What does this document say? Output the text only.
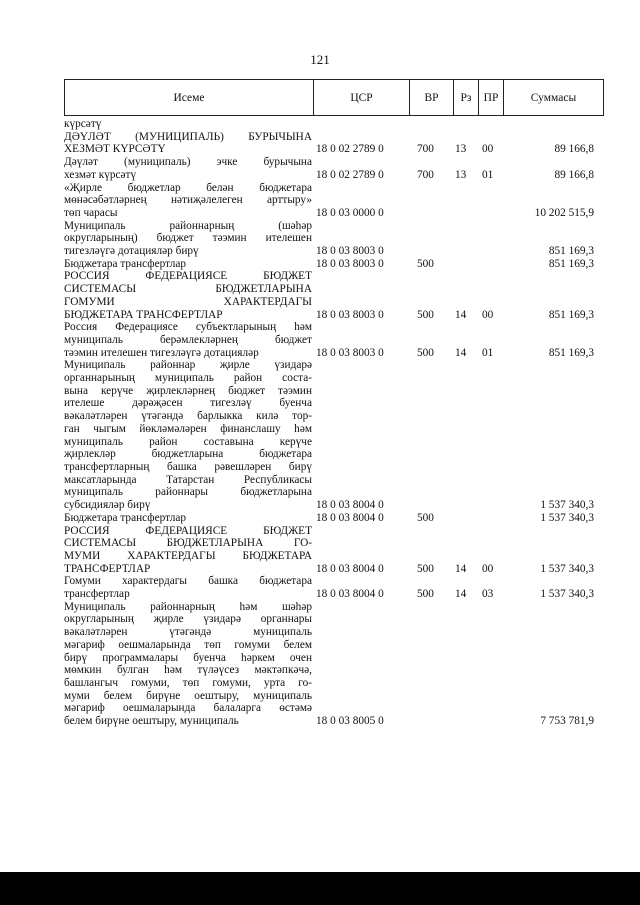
121
Исеме	ЦСР	ВР	Рз	ПР	Суммасы
күрсәтү
ДӘҮЛӘТ (МУНИЦИПАЛЬ) БУРЫЧЫНА
ХЕЗМӘТ КҮРСӘТҮ	18 0 02 2789 0	700 13 00	89 166,8
Дәүләт (муниципаль) эчке бурычына
хезмәт күрсәтү	18 0 02 2789 0	700 13 01	89 166,8
«Җирле бюджетлар белән бюджетара
мөнәсәбәтләрнең нәтиҗәлелеген арттыру»
төп чарасы	18 0 03 0000 0	10 202 515,9
Муниципаль районнарның (шәһәр
округларының) бюджет тәэмин ителешен
тигезләүгә дотацияләр бирү	18 0 03 8003 0	851 169,3
Бюджетара трансфертлар	18 0 03 8003 0	500	851 169,3
РОССИЯ ФЕДЕРАЦИЯСЕ БЮДЖЕТ
СИСТЕМАСЫ БЮДЖЕТЛАРЫНА
ГОМУМИ ХАРАКТЕРДАГЫ
БЮДЖЕТАРА ТРАНСФЕРТЛАР	18 0 03 8003 0	500 14 00	851 169,3
Россия Федерациясе субъектларының һәм
муниципаль берәмлекләрнең бюджет
тәэмин ителешен тигезләүгә дотацияләр	18 0 03 8003 0	500 14 01	851 169,3
Муниципаль районнар җирле үзидарә
органнарының муниципаль район соста-
вына керүче җирлекләрнең бюджет тәэмин
ителеше дәрәҗәсен тигезләү буенча
вәкаләтләрен үтәгәндә барлыкка килә тор-
ган чыгым йөкләмәләрен финанслашу һәм
муниципаль район составына керүче
җирлекләр бюджетларына бюджетара
трансфертларның башка рәвешләрен бирү
максатларында Татарстан Республикасы
муниципаль районнары бюджетларына
субсидияләр бирү	18 0 03 8004 0	1 537 340,3
Бюджетара трансфертлар	18 0 03 8004 0	500	1 537 340,3
РОССИЯ ФЕДЕРАЦИЯСЕ БЮДЖЕТ
СИСТЕМАСЫ БЮДЖЕТЛАРЫНА ГО-
МУМИ ХАРАКТЕРДАГЫ БЮДЖЕТАРА
ТРАНСФЕРТЛАР	18 0 03 8004 0	500 14 00	1 537 340,3
Гомуми характердагы башка бюджетара
трансфертлар	18 0 03 8004 0	500 14 03	1 537 340,3
Муниципаль районнарның һәм шәһәр
округларының җирле үзидарә органнары
вәкаләтләрен үтәгәндә муниципаль
мәгариф оешмаларында төп гомуми белем
бирү программалары буенча һәркем очен
мөмкин булган һәм түләүсез мәктәпкәчә,
башлангыч гомуми, төп гомуми, урта го-
муми белем бирүне оештыру, муниципаль
мәгариф оешмаларында балаларга өстәмә
белем бирүне оештыру, муниципаль	18 0 03 8005 0	7 753 781,9
